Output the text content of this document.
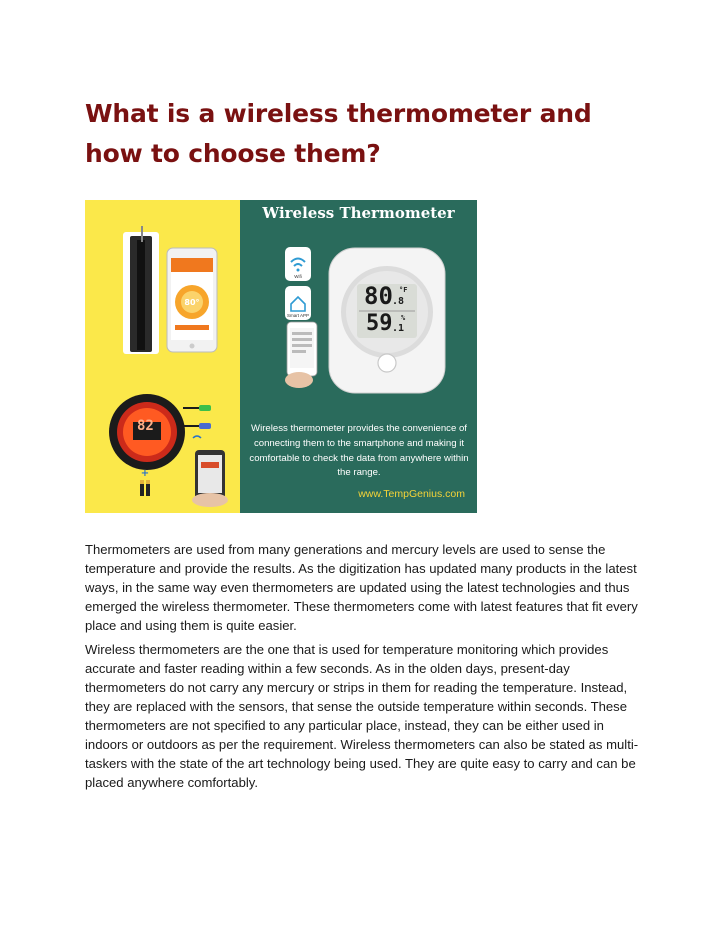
What is a wireless thermometer and how to choose them?
80°
+
80 .8
°F
59 .1
%
82
Wifi
Smart APP
Wireless Thermometer
Wireless thermometer provides the convenience of connecting them to the smartphone and making it comfortable to check the data from anywhere within the range.
www.TempGenius.com

Thermometers are used from many generations and mercury levels are used to sense the temperature and provide the results. As the digitization has updated many products in the latest ways, in the same way even thermometers are updated using the latest technologies and thus emerged the wireless thermometer. These thermometers come with latest features that fit every place and using them is quite easier.

Wireless thermometers are the one that is used for temperature monitoring which provides accurate and faster reading within a few seconds. As in the olden days, present-day thermometers do not carry any mercury or strips in them for reading the temperature. Instead, they are replaced with the sensors, that sense the outside temperature within seconds. These thermometers are not specified to any particular place, instead, they can be either used in indoors or outdoors as per the requirement. Wireless thermometers can also be stated as multi-taskers with the state of the art technology being used. They are quite easy to carry and can be placed anywhere comfortably.
